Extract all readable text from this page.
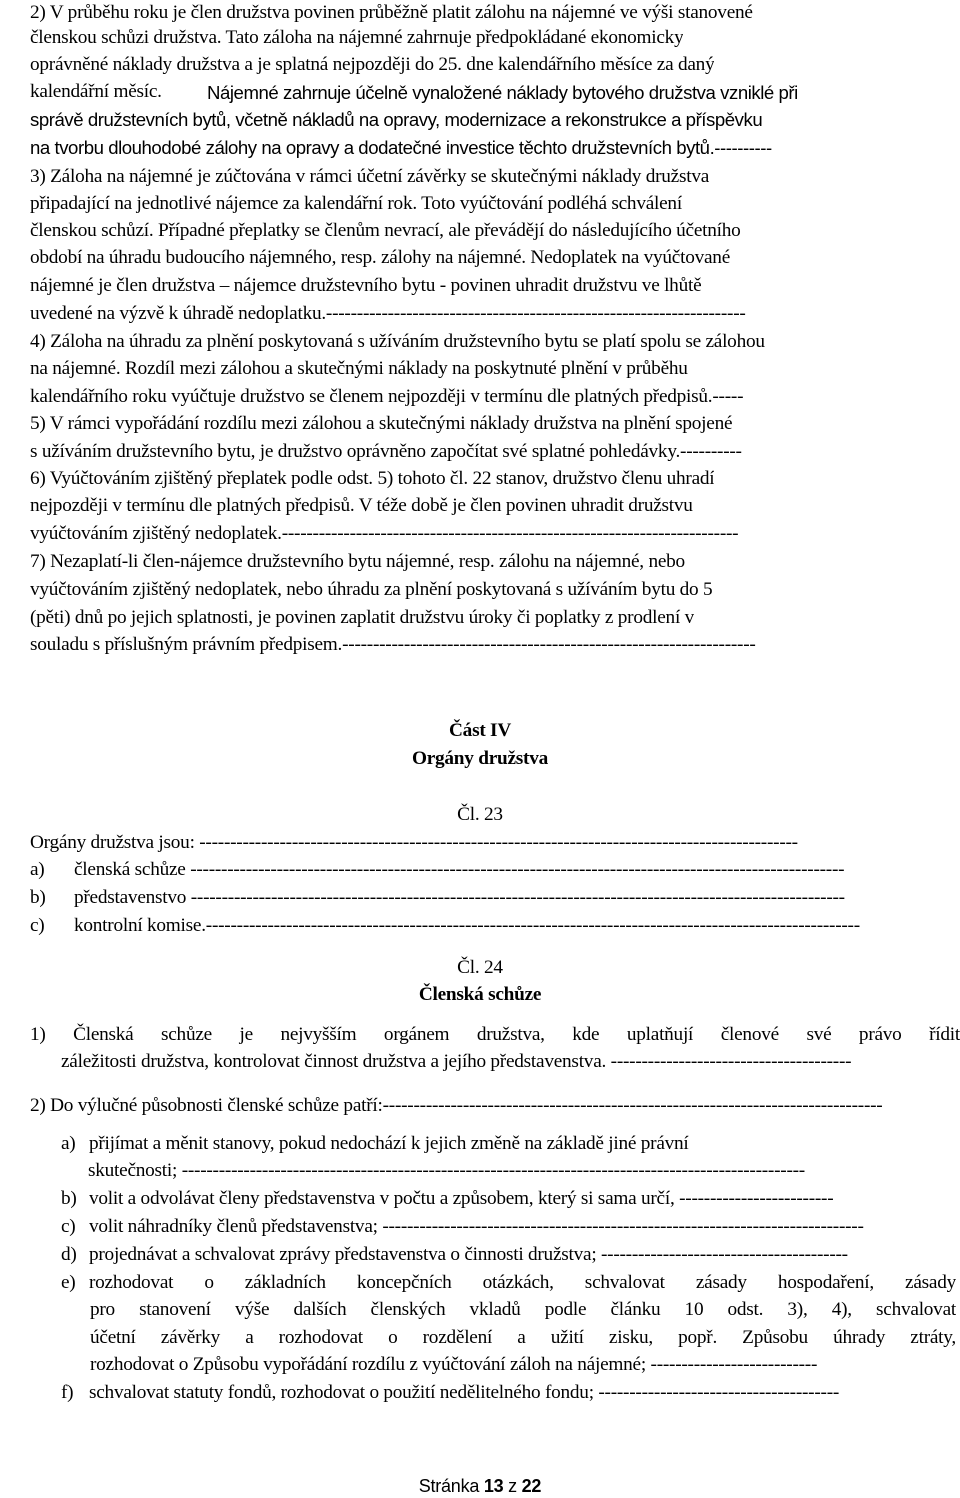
2) V průběhu roku je člen družstva povinen průběžně platit zálohu na nájemné ve výši stanovené
členskou schůzi družstva. Tato záloha na nájemné zahrnuje předpokládané ekonomicky
oprávněné náklady družstva a je splatná nejpozději do 25. dne kalendářního měsíce za daný
kalendářní měsíc. Nájemné zahrnuje účelně vynaložené náklady bytového družstva vzniklé při
správě družstevních bytů, včetně nákladů na opravy, modernizace a rekonstrukce a příspěvku
na tvorbu dlouhodobé zálohy na opravy a dodatečné investice těchto družstevních bytů.----------
3) Záloha na nájemné je zúčtována v rámci účetní závěrky se skutečnými náklady družstva
připadající na jednotlivé nájemce za kalendářní rok. Toto vyúčtování podléhá schválení
členskou schůzí. Případné přeplatky se členům nevrací, ale převádějí do následujícího účetního
období na úhradu budoucího nájemného, resp. zálohy na nájemné. Nedoplatek na vyúčtované
nájemné je člen družstva – nájemce družstevního bytu - povinen uhradit družstvu ve lhůtě
uvedené na výzvě k úhradě nedoplatku.--------------------------------------------------------------------
4) Záloha na úhradu za plnění poskytovaná s užíváním družstevního bytu se platí spolu se zálohou
na nájemné. Rozdíl mezi zálohou a skutečnými náklady na poskytnuté plnění v průběhu
kalendářního roku vyúčtuje družstvo se členem nejpozději v termínu dle platných předpisů.-----
5) V rámci vypořádání rozdílu mezi zálohou a skutečnými náklady družstva na plnění spojené
s užíváním družstevního bytu, je družstvo oprávněno započítat své splatné pohledávky.----------
6) Vyúčtováním zjištěný přeplatek podle odst. 5) tohoto čl. 22 stanov, družstvo členu uhradí
nejpozději v termínu dle platných předpisů. V téže době je člen povinen uhradit družstvu
vyúčtováním zjištěný nedoplatek.--------------------------------------------------------------------------
7) Nezaplatí-li člen-nájemce družstevního bytu nájemné, resp. zálohu na nájemné, nebo
vyúčtováním zjištěný nedoplatek, nebo úhradu za plnění poskytovaná s užíváním bytu do 5
(pěti) dnů po jejich splatnosti, je povinen zaplatit družstvu úroky či poplatky z prodlení v
souladu s příslušným právním předpisem.-------------------------------------------------------------------
Část IV
Orgány družstva
Čl. 23
Orgány družstva jsou: -------------------------------------------------------------------------------------------------
a) členská schůze ----------------------------------------------------------------------------------------------------------
b) představenstvo ----------------------------------------------------------------------------------------------------------
c) kontrolní komise.----------------------------------------------------------------------------------------------------------
Čl. 24
Členská schůze
1) Členská schůze je nejvyšším orgánem družstva, kde uplatňují členové své právo řídit
záležitosti družstva, kontrolovat činnost družstva a jejího představenstva. ---------------------------------------
2) Do výlučné působnosti členské schůze patří:---------------------------------------------------------------------------------
a) přijímat a měnit stanovy, pokud nedochází k jejich změně na základě jiné právní
skutečnosti; -----------------------------------------------------------------------------------------------------
b) volit a odvolávat členy představenstva v počtu a způsobem, který si sama určí, -------------------------
c) volit náhradníky členů představenstva; ------------------------------------------------------------------------------
d) projednávat a schvalovat zprávy představenstva o činnosti družstva; ----------------------------------------
e) rozhodovat o základních koncepčních otázkách, schvalovat zásady hospodaření, zásady
pro stanovení výše dalších členských vkladů podle článku 10 odst. 3), 4), schvalovat
účetní závěrky a rozhodovat o rozdělení a užití zisku, popř. Způsobu úhrady ztráty,
rozhodovat o Způsobu vypořádání rozdílu z vyúčtování záloh na nájemné; ---------------------------
f) schvalovat statuty fondů, rozhodovat o použití nedělitelného fondu; ---------------------------------------
Stránka 13 z 22
